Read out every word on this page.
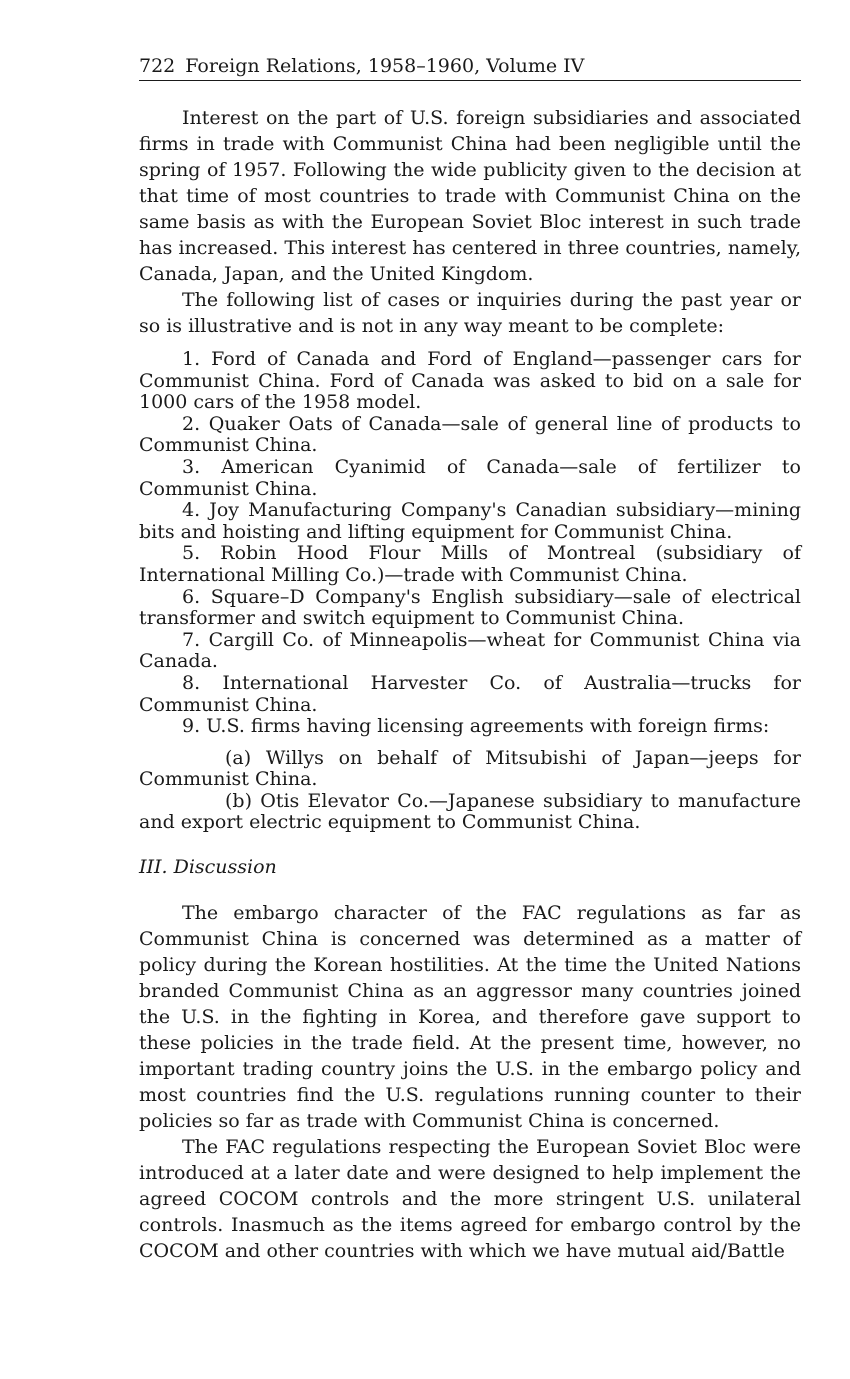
722 Foreign Relations, 1958–1960, Volume IV

Interest on the part of U.S. foreign subsidiaries and associated firms in trade with Communist China had been negligible until the spring of 1957. Following the wide publicity given to the decision at that time of most countries to trade with Communist China on the same basis as with the European Soviet Bloc interest in such trade has increased. This interest has centered in three countries, namely, Canada, Japan, and the United Kingdom.

The following list of cases or inquiries during the past year or so is illustrative and is not in any way meant to be complete:

1. Ford of Canada and Ford of England—passenger cars for Communist China. Ford of Canada was asked to bid on a sale for 1000 cars of the 1958 model.

2. Quaker Oats of Canada—sale of general line of products to Communist China.

3. American Cyanimid of Canada—sale of fertilizer to Communist China.

4. Joy Manufacturing Company's Canadian subsidiary—mining bits and hoisting and lifting equipment for Communist China.

5. Robin Hood Flour Mills of Montreal (subsidiary of International Milling Co.)—trade with Communist China.

6. Square–D Company's English subsidiary—sale of electrical transformer and switch equipment to Communist China.

7. Cargill Co. of Minneapolis—wheat for Communist China via Canada.

8. International Harvester Co. of Australia—trucks for Communist China.

9. U.S. firms having licensing agreements with foreign firms:

(a) Willys on behalf of Mitsubishi of Japan—jeeps for Communist China.

(b) Otis Elevator Co.—Japanese subsidiary to manufacture and export electric equipment to Communist China.

III. Discussion

The embargo character of the FAC regulations as far as Communist China is concerned was determined as a matter of policy during the Korean hostilities. At the time the United Nations branded Communist China as an aggressor many countries joined the U.S. in the fighting in Korea, and therefore gave support to these policies in the trade field. At the present time, however, no important trading country joins the U.S. in the embargo policy and most countries find the U.S. regulations running counter to their policies so far as trade with Communist China is concerned.

The FAC regulations respecting the European Soviet Bloc were introduced at a later date and were designed to help implement the agreed COCOM controls and the more stringent U.S. unilateral controls. Inasmuch as the items agreed for embargo control by the COCOM and other countries with which we have mutual aid/Battle
